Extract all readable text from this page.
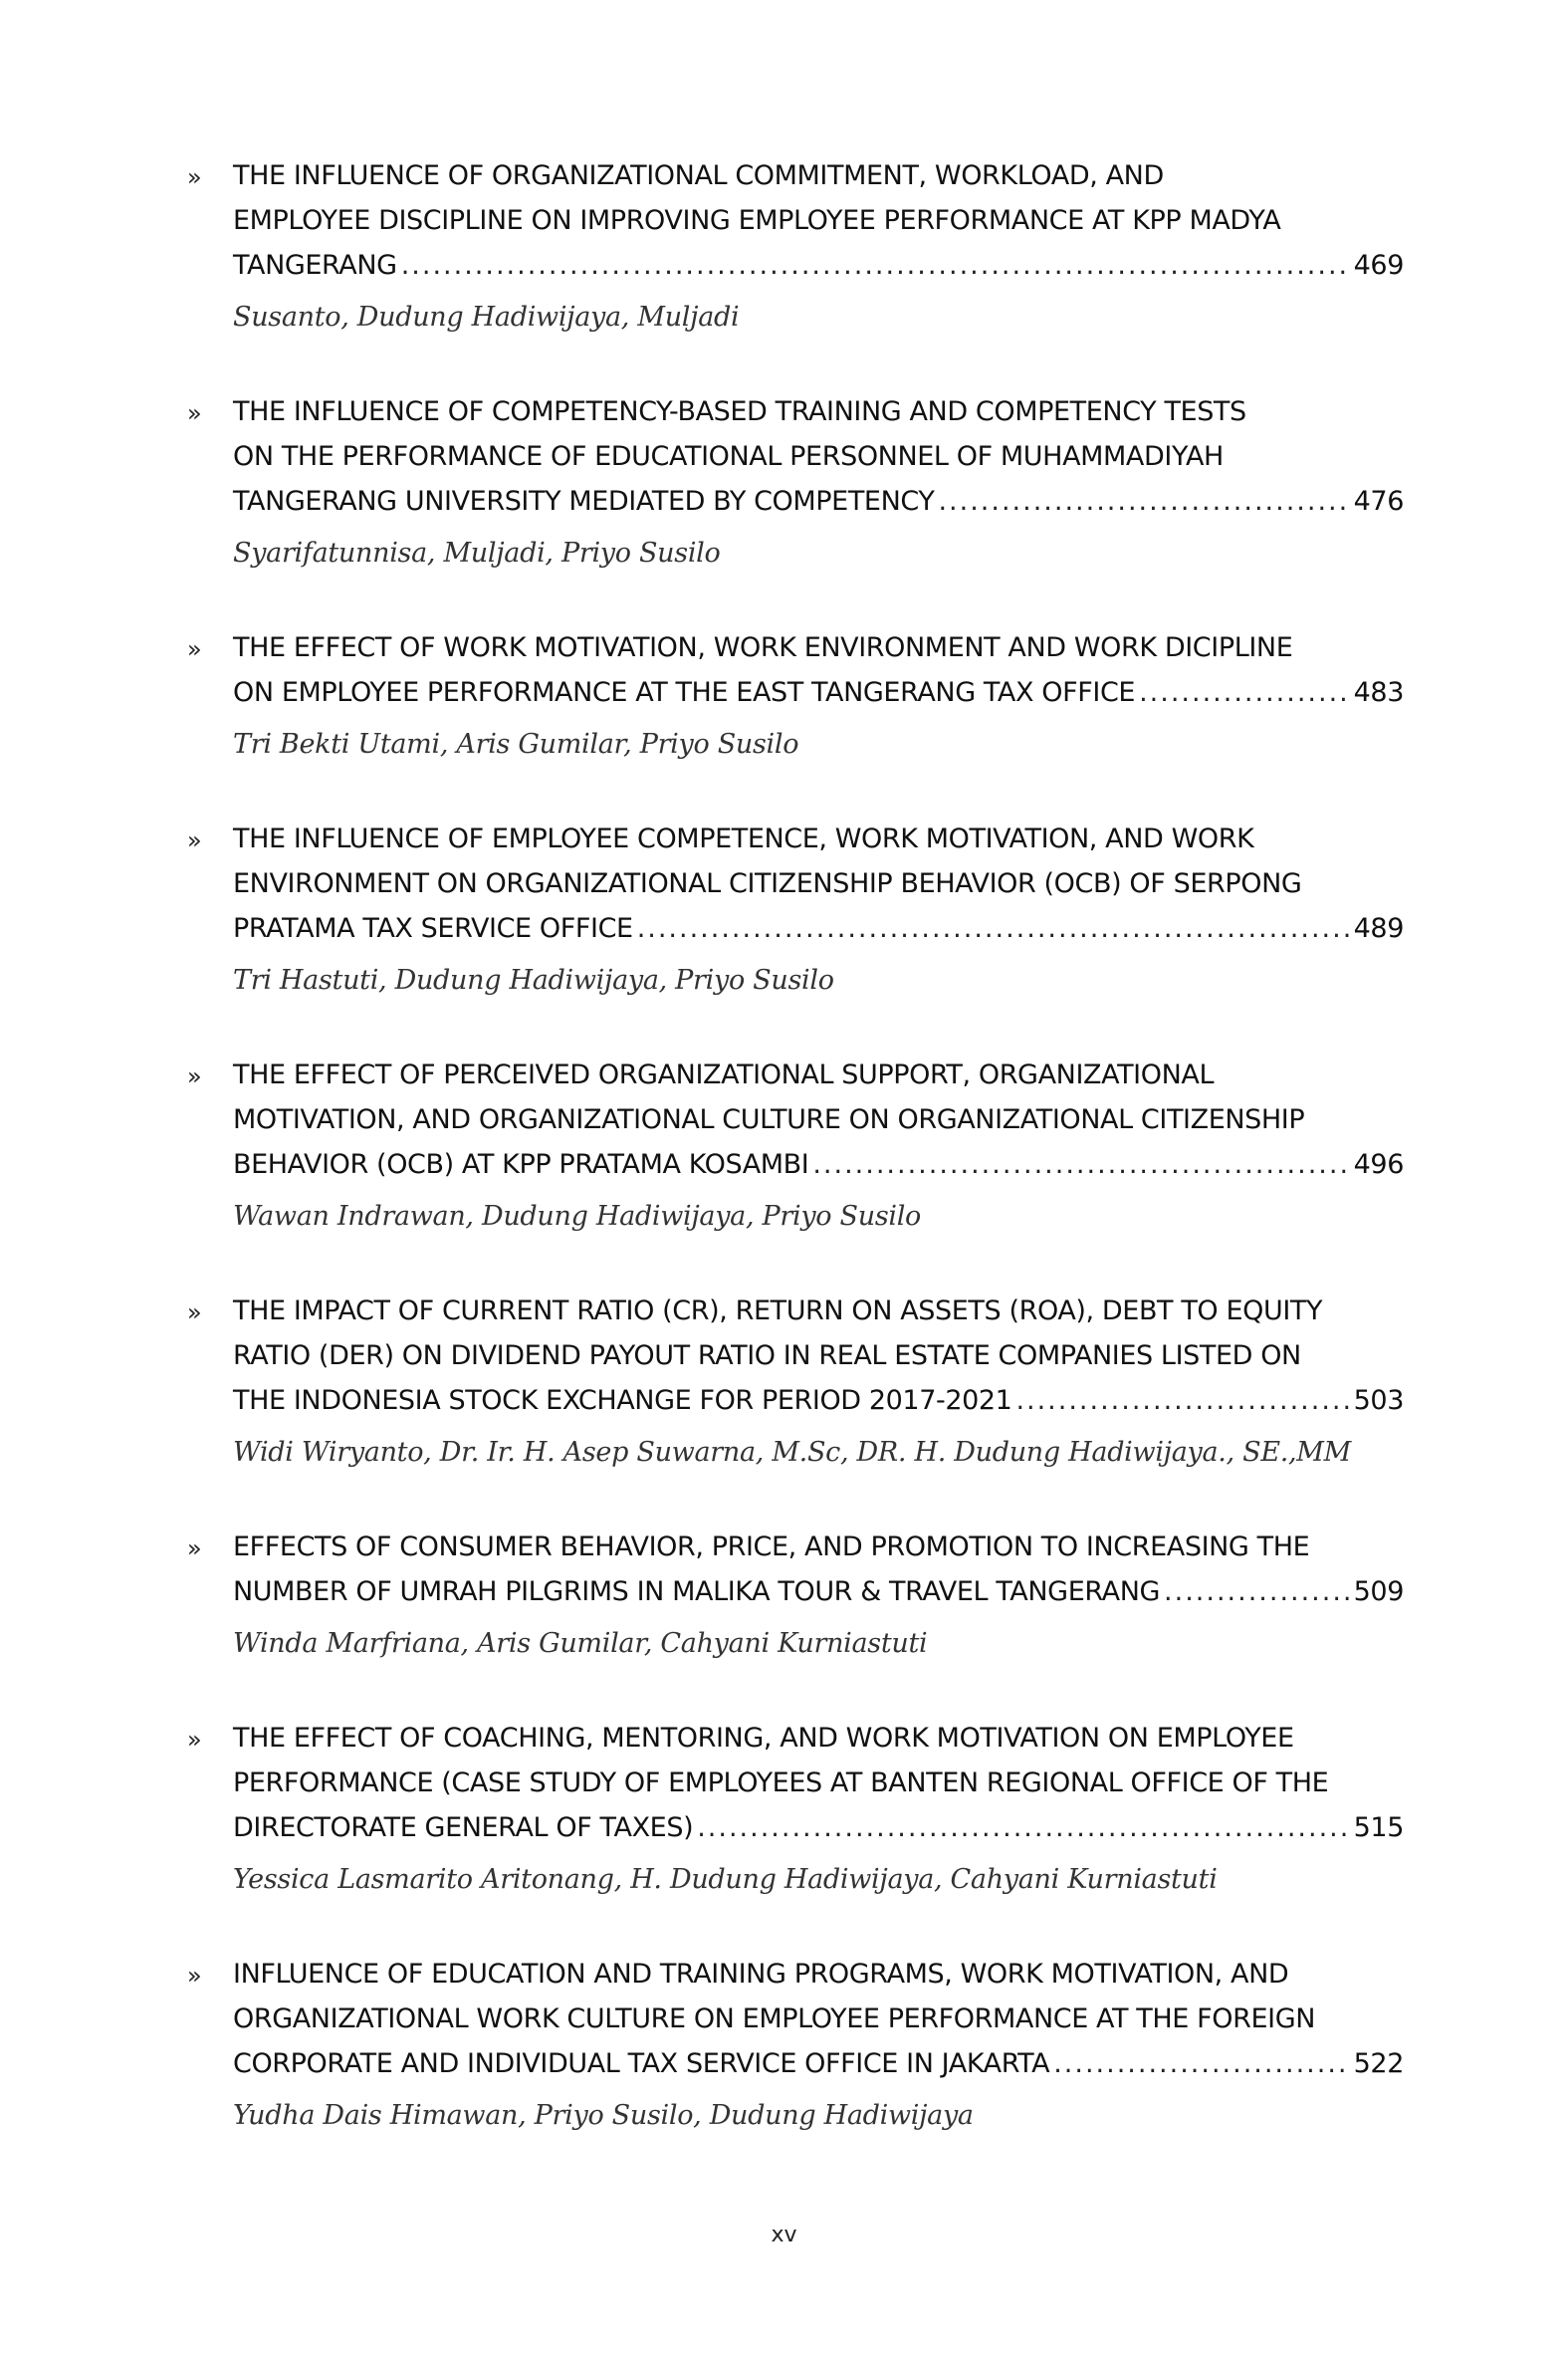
» THE INFLUENCE OF ORGANIZATIONAL COMMITMENT, WORKLOAD, AND
EMPLOYEE DISCIPLINE ON IMPROVING EMPLOYEE PERFORMANCE AT KPP MADYA
TANGERANG .....	469
Susanto, Dudung Hadiwijaya, Muljadi
» THE INFLUENCE OF COMPETENCY-BASED TRAINING AND COMPETENCY TESTS
ON THE PERFORMANCE OF EDUCATIONAL PERSONNEL OF MUHAMMADIYAH
TANGERANG UNIVERSITY MEDIATED BY COMPETENCY .....	476
Syarifatunnisa, Muljadi, Priyo Susilo
» THE EFFECT OF WORK MOTIVATION, WORK ENVIRONMENT AND WORK DICIPLINE
ON EMPLOYEE PERFORMANCE AT THE EAST TANGERANG TAX OFFICE .....	483
Tri Bekti Utami, Aris Gumilar, Priyo Susilo
» THE INFLUENCE OF EMPLOYEE COMPETENCE, WORK MOTIVATION, AND WORK
ENVIRONMENT ON ORGANIZATIONAL CITIZENSHIP BEHAVIOR (OCB) OF SERPONG
PRATAMA TAX SERVICE OFFICE .....	489
Tri Hastuti, Dudung Hadiwijaya, Priyo Susilo
» THE EFFECT OF PERCEIVED ORGANIZATIONAL SUPPORT, ORGANIZATIONAL
MOTIVATION, AND ORGANIZATIONAL CULTURE ON ORGANIZATIONAL CITIZENSHIP
BEHAVIOR (OCB) AT KPP PRATAMA KOSAMBI .....	496
Wawan Indrawan, Dudung Hadiwijaya, Priyo Susilo
» THE IMPACT OF CURRENT RATIO (CR), RETURN ON ASSETS (ROA), DEBT TO EQUITY
RATIO (DER) ON DIVIDEND PAYOUT RATIO IN REAL ESTATE COMPANIES LISTED ON
THE INDONESIA STOCK EXCHANGE FOR PERIOD 2017-2021 .....	503
Widi Wiryanto, Dr. Ir. H. Asep Suwarna, M.Sc, DR. H. Dudung Hadiwijaya., SE.,MM
» EFFECTS OF CONSUMER BEHAVIOR, PRICE, AND PROMOTION TO INCREASING THE
NUMBER OF UMRAH PILGRIMS IN MALIKA TOUR & TRAVEL TANGERANG .....	509
Winda Marfriana, Aris Gumilar, Cahyani Kurniastuti
» THE EFFECT OF COACHING, MENTORING, AND WORK MOTIVATION ON EMPLOYEE
PERFORMANCE (CASE STUDY OF EMPLOYEES AT BANTEN REGIONAL OFFICE OF THE
DIRECTORATE GENERAL OF TAXES) .....	515
Yessica Lasmarito Aritonang, H. Dudung Hadiwijaya, Cahyani Kurniastuti
» INFLUENCE OF EDUCATION AND TRAINING PROGRAMS, WORK MOTIVATION, AND
ORGANIZATIONAL WORK CULTURE ON EMPLOYEE PERFORMANCE AT THE FOREIGN
CORPORATE AND INDIVIDUAL TAX SERVICE OFFICE IN JAKARTA .....	522
Yudha Dais Himawan, Priyo Susilo, Dudung Hadiwijaya
xv
